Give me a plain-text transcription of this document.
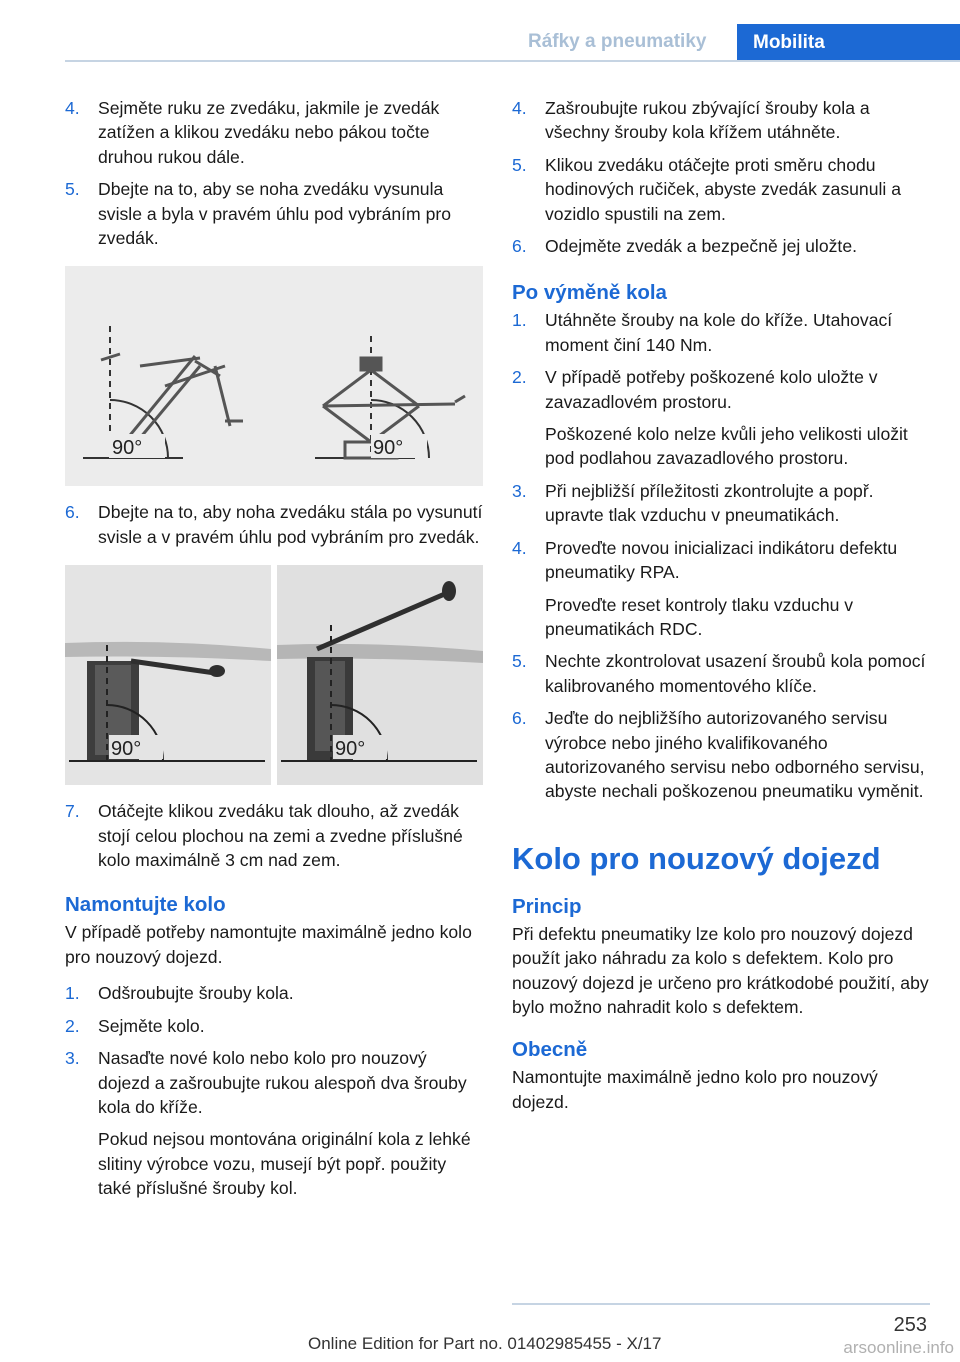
Ráfky a pneumatiky	Mobilita
4.	Sejměte ruku ze zvedáku, jakmile je zvedák zatížen a klikou zvedáku nebo pákou točte druhou rukou dále.
5.	Dbejte na to, aby se noha zvedáku vysunula svisle a byla v pravém úhlu pod vybráním pro zvedák.
90°	90°
6.	Dbejte na to, aby noha zvedáku stála po vysunutí svisle a v pravém úhlu pod vybráním pro zvedák.
90°	90°
7.	Otáčejte klikou zvedáku tak dlouho, až zvedák stojí celou plochou na zemi a zvedne příslušné kolo maximálně 3 cm nad zem.
Namontujte kolo

V případě potřeby namontujte maximálně jedno kolo pro nouzový dojezd.

1.	Odšroubujte šrouby kola.
2.	Sejměte kolo.
3.	Nasaďte nové kolo nebo kolo pro nouzový dojezd a zašroubujte rukou alespoň dva šrouby kola do kříže.

Pokud nejsou montována originální kola z lehké slitiny výrobce vozu, musejí být popř. použity také příslušné šrouby kol.

4.	Zašroubujte rukou zbývající šrouby kola a všechny šrouby kola křížem utáhněte.
5.	Klikou zvedáku otáčejte proti směru chodu hodinových ručiček, abyste zvedák zasunuli a vozidlo spustili na zem.
6.	Odejměte zvedák a bezpečně jej uložte.
Po výměně kola
1.	Utáhněte šrouby na kole do kříže. Utahovací moment činí 140 Nm.
2.	V případě potřeby poškozené kolo uložte v zavazadlovém prostoru.

Poškozené kolo nelze kvůli jeho velikosti uložit pod podlahou zavazadlového prostoru.

3.	Při nejbližší příležitosti zkontrolujte a popř. upravte tlak vzduchu v pneumatikách.
4.	Proveďte novou inicializaci indikátoru defektu pneumatiky RPA.

Proveďte reset kontroly tlaku vzduchu v pneumatikách RDC.

5.	Nechte zkontrolovat usazení šroubů kola pomocí kalibrovaného momentového klíče.
6.	Jeďte do nejbližšího autorizovaného servisu výrobce nebo jiného kvalifikovaného autorizovaného servisu nebo odborného servisu, abyste nechali poškozenou pneumatiku vyměnit.
Kolo pro nouzový dojezd
Princip

Při defektu pneumatiky lze kolo pro nouzový dojezd použít jako náhradu za kolo s defektem. Kolo pro nouzový dojezd je určeno pro krátkodobé použití, aby bylo možno nahradit kolo s defektem.

Obecně

Namontujte maximálně jedno kolo pro nouzový dojezd.

253
Online Edition for Part no. 01402985455 - X/17	arsoonline.info
